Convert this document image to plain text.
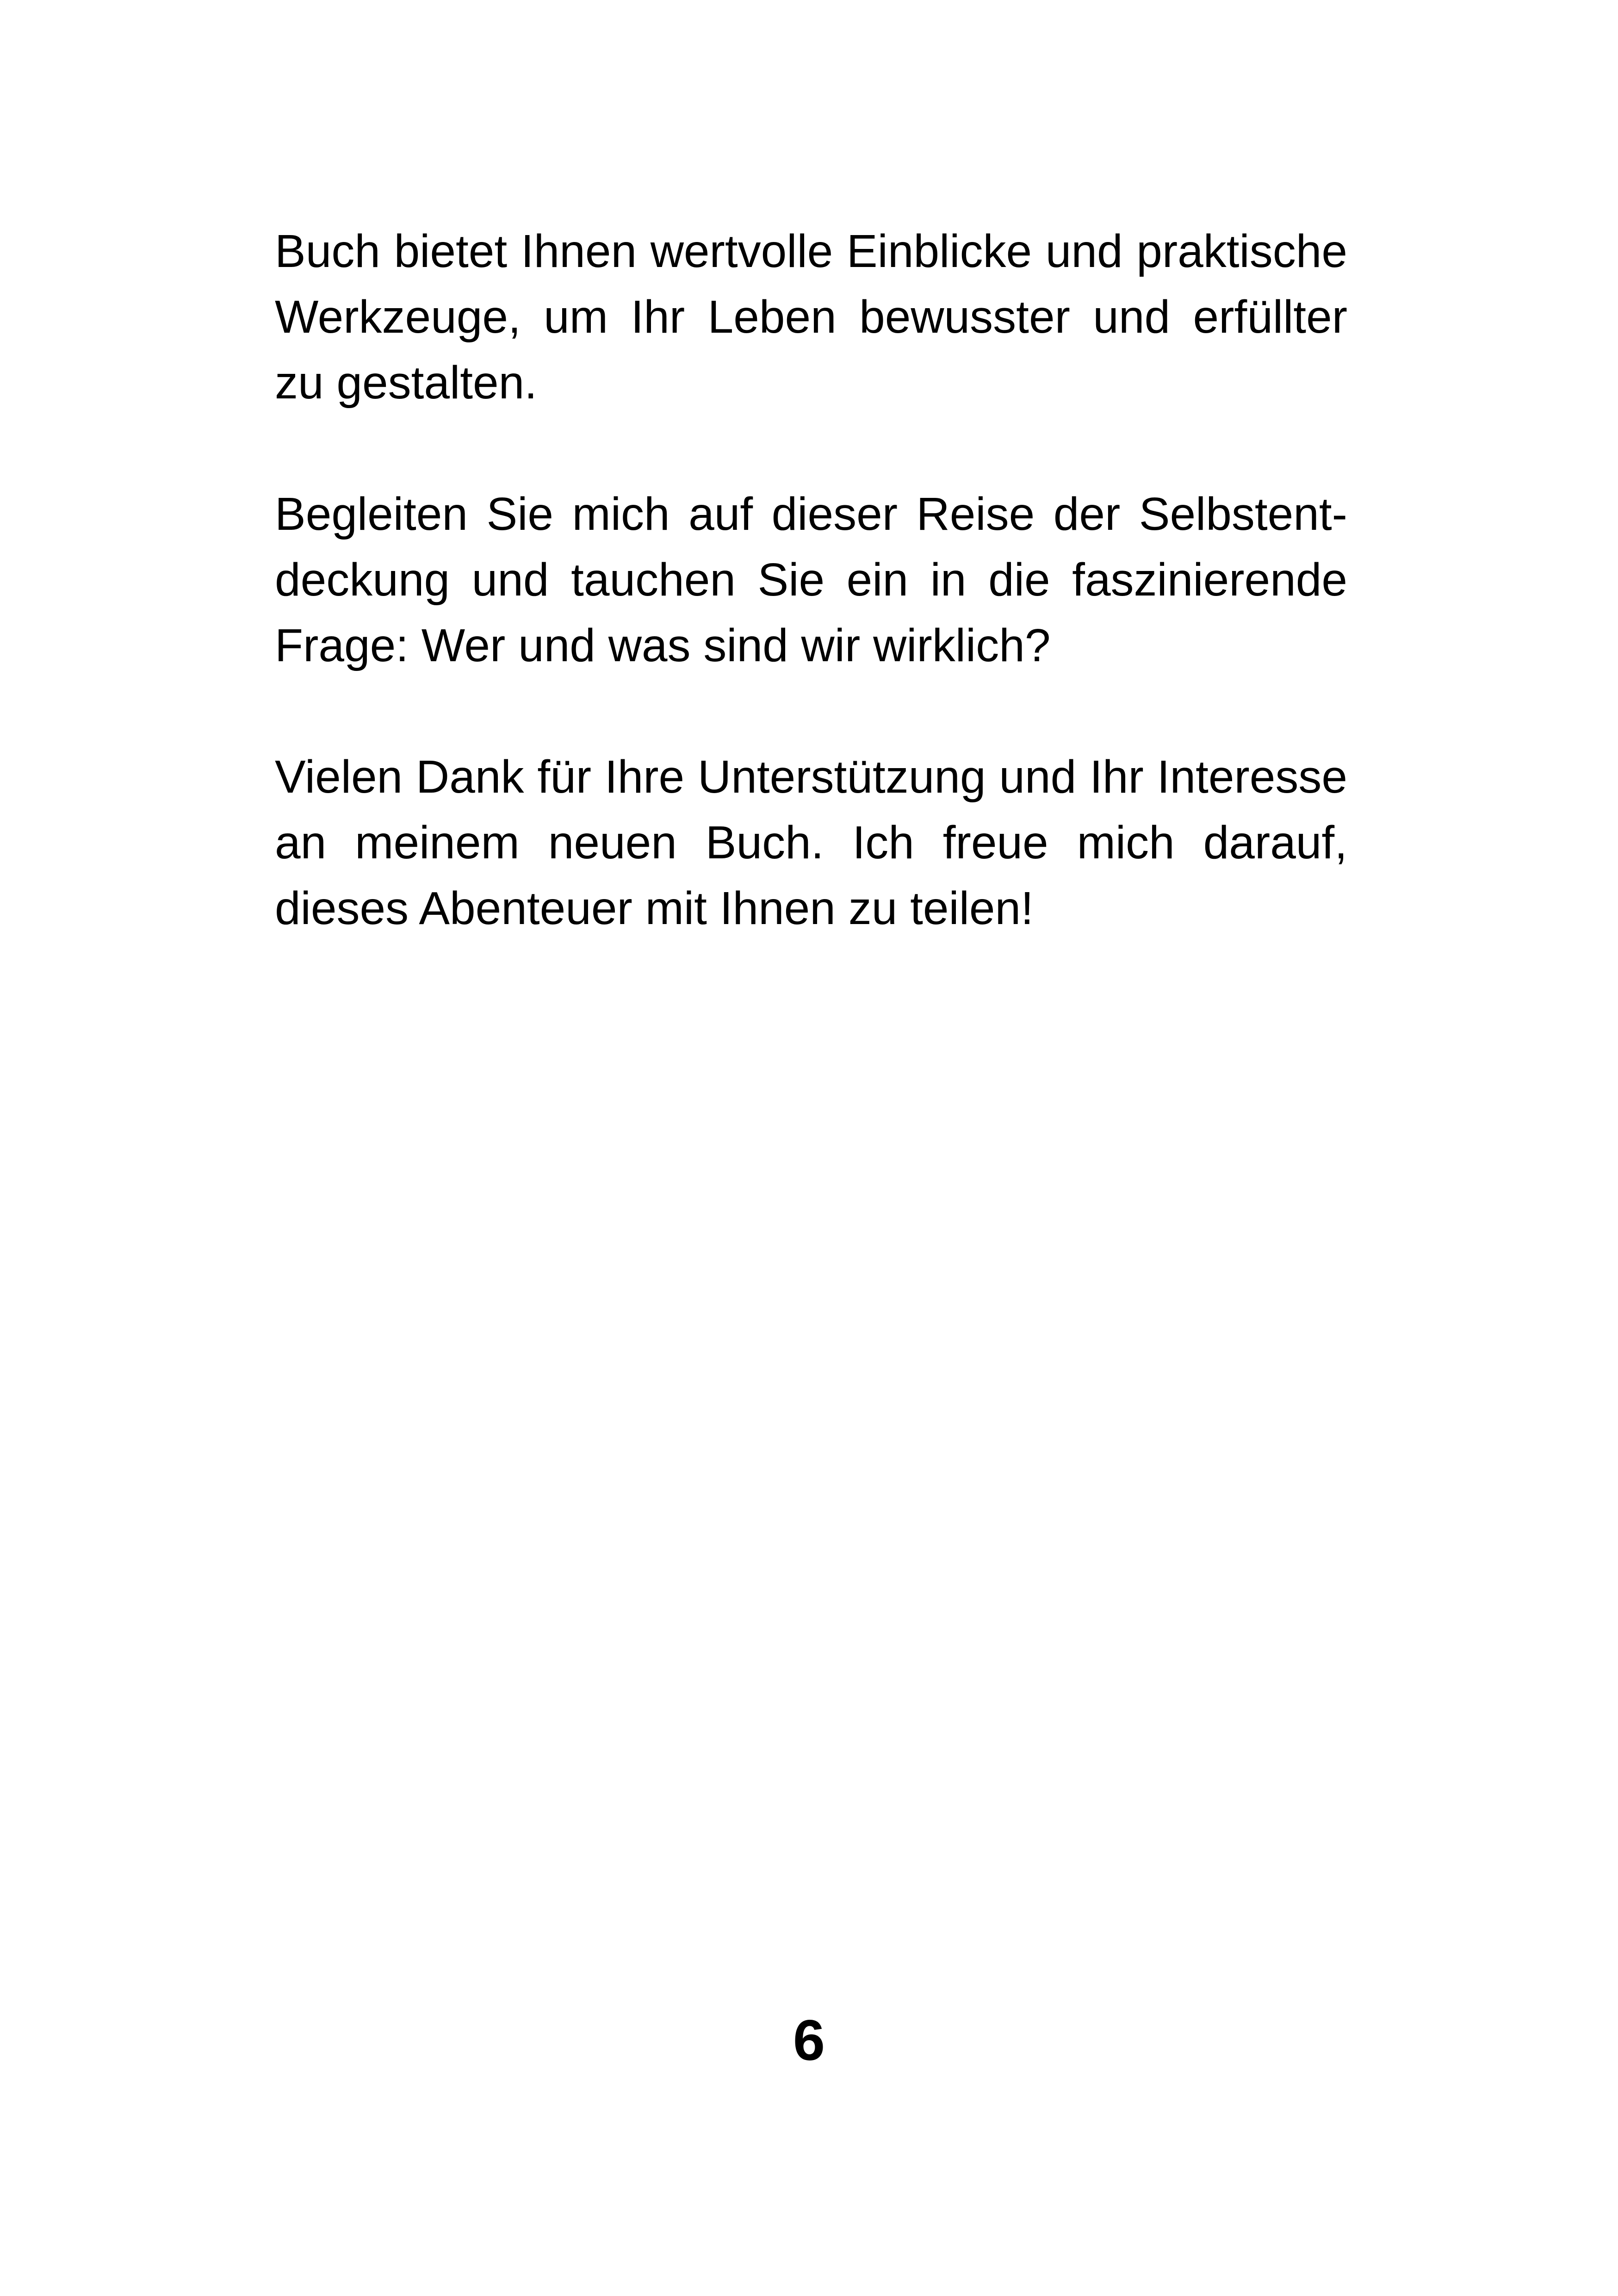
Buch bietet Ihnen wertvolle Einblicke und praktische
Werkzeuge, um Ihr Leben bewusster und erfüllter
zu gestalten.
Begleiten Sie mich auf dieser Reise der Selbstent-
deckung und tauchen Sie ein in die faszinierende
Frage: Wer und was sind wir wirklich?
Vielen Dank für Ihre Unterstützung und Ihr Interesse
an meinem neuen Buch. Ich freue mich darauf,
dieses Abenteuer mit Ihnen zu teilen!
6
